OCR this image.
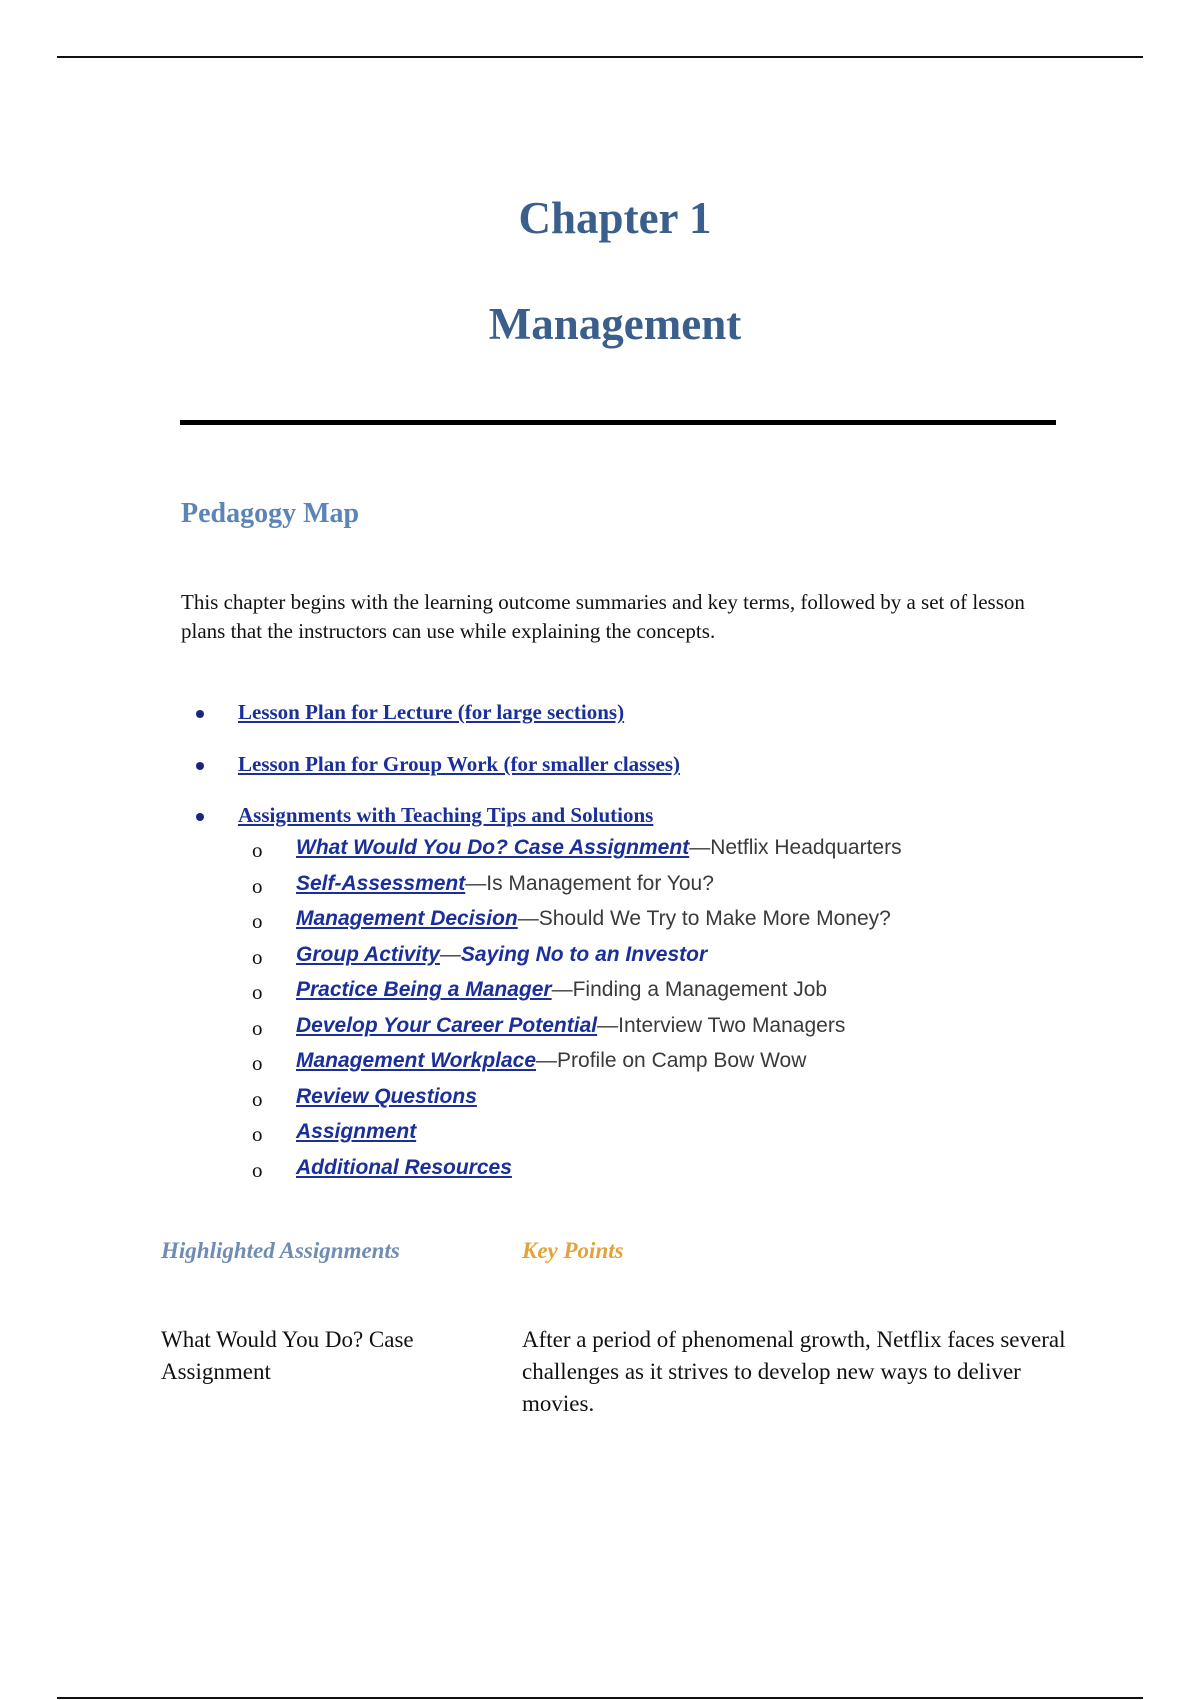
Chapter 1
Management
Pedagogy Map

This chapter begins with the learning outcome summaries and key terms, followed by a set of lesson plans that the instructors can use while explaining the concepts.

Lesson Plan for Lecture (for large sections)
Lesson Plan for Group Work (for smaller classes)
Assignments with Teaching Tips and Solutions
o What Would You Do? Case Assignment—Netflix Headquarters
o Self-Assessment—Is Management for You?
o Management Decision—Should We Try to Make More Money?
o Group Activity—Saying No to an Investor
o Practice Being a Manager—Finding a Management Job
o Develop Your Career Potential—Interview Two Managers
o Management Workplace—Profile on Camp Bow Wow
o Review Questions
o Assignment
o Additional Resources
Highlighted Assignments	Key Points

What Would You Do? Case Assignment

After a period of phenomenal growth, Netflix faces several challenges as it strives to develop new ways to deliver movies.
